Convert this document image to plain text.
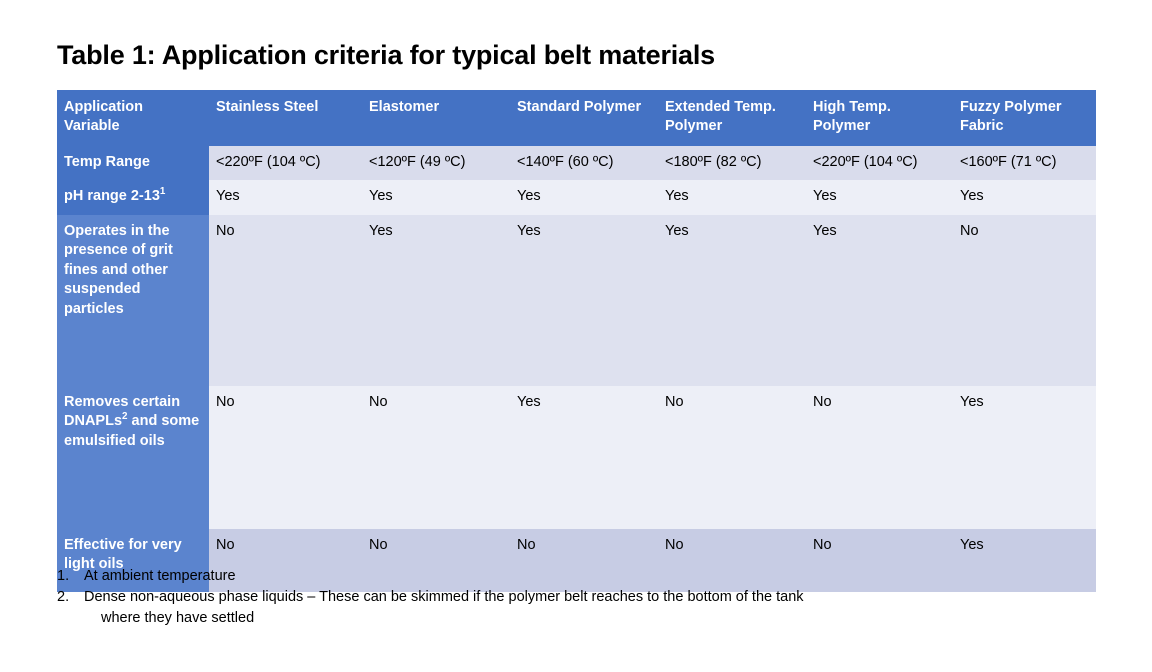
Table 1: Application criteria for typical belt materials
Application Variable	Stainless Steel	Elastomer	Standard Polymer	Extended Temp. Polymer	High Temp. Polymer	Fuzzy Polymer Fabric
Temp Range	<220ºF (104 ºC)	<120ºF (49 ºC)	<140ºF (60 ºC)	<180ºF (82 ºC)	<220ºF (104 ºC)	<160ºF (71 ºC)
pH range $2-13^1$	Yes	Yes	Yes	Yes	Yes	Yes
Operates in the presence of grit fines and other suspended particles	No	Yes	Yes	Yes	Yes	No
Removes certain DNAPLs$^2$ and some emulsified oils	No	No	Yes	No	No	Yes
Effective for very light oils	No	No	No	No	No	Yes
1.	At ambient temperature
2.	Dense non-aqueous phase liquids – These can be skimmed if the polymer belt reaches to the bottom of the tank
where they have settled
